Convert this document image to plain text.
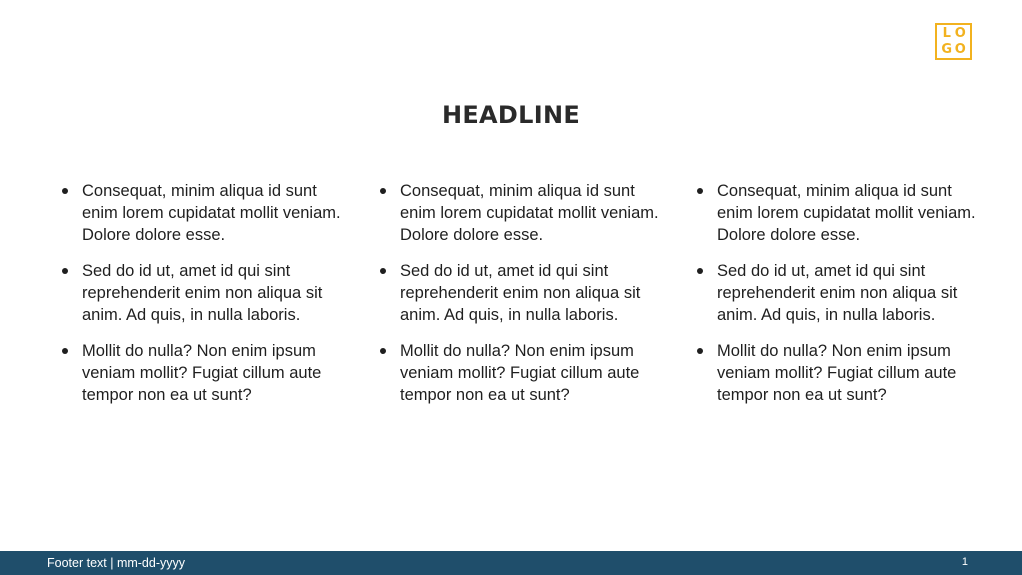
L O
G O
HEADLINE
Consequat, minim aliqua id sunt enim lorem cupidatat mollit veniam. Dolore dolore esse.
Sed do id ut, amet id qui sint reprehenderit enim non aliqua sit anim. Ad quis, in nulla laboris.
Mollit do nulla? Non enim ipsum veniam mollit? Fugiat cillum aute tempor non ea ut sunt?
Consequat, minim aliqua id sunt enim lorem cupidatat mollit veniam. Dolore dolore esse.
Sed do id ut, amet id qui sint reprehenderit enim non aliqua sit anim. Ad quis, in nulla laboris.
Mollit do nulla? Non enim ipsum veniam mollit? Fugiat cillum aute tempor non ea ut sunt?
Consequat, minim aliqua id sunt enim lorem cupidatat mollit veniam. Dolore dolore esse.
Sed do id ut, amet id qui sint reprehenderit enim non aliqua sit anim. Ad quis, in nulla laboris.
Mollit do nulla? Non enim ipsum veniam mollit? Fugiat cillum aute tempor non ea ut sunt?
Footer text | mm-dd-yyyy	1
